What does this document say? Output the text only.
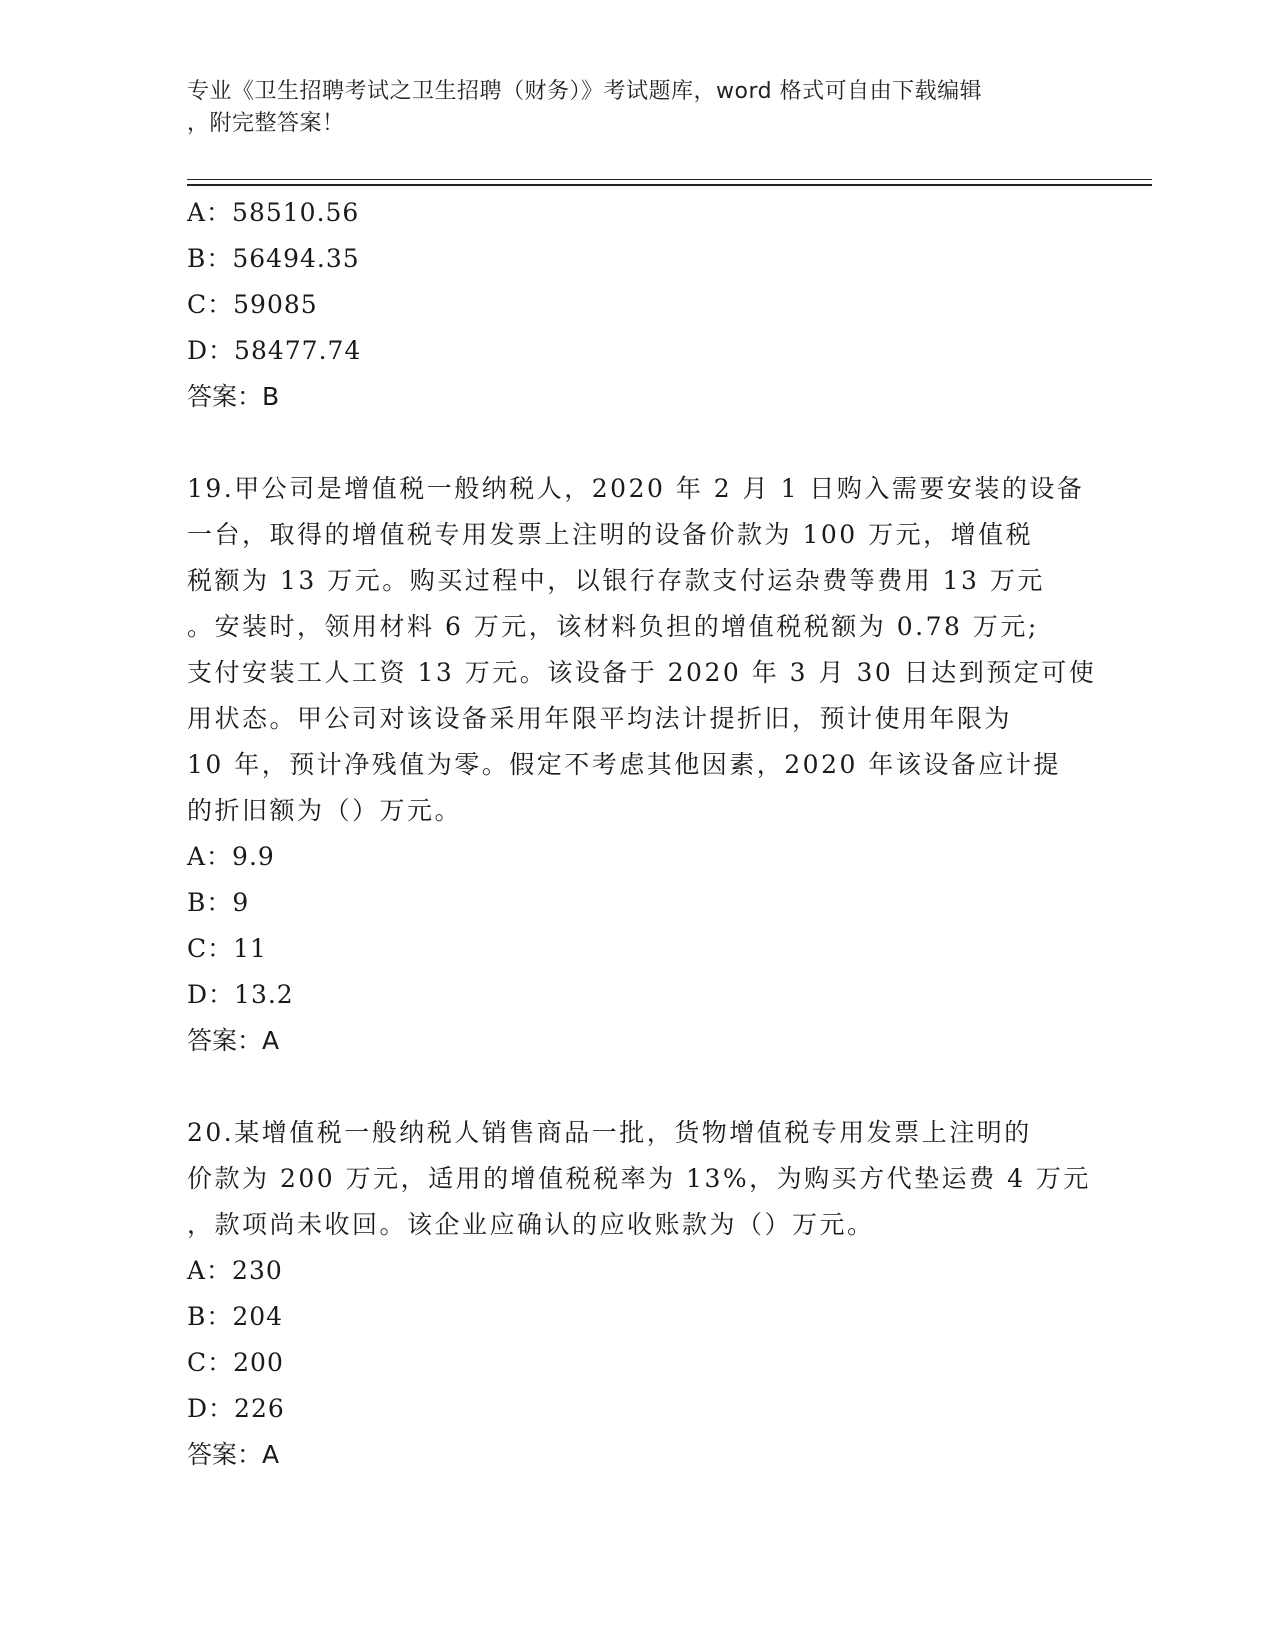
专业《卫生招聘考试之卫生招聘（财务）》考试题库，word 格式可自由下载编辑
，附完整答案！
A：58510.56
B：56494.35
C：59085
D：58477.74
答案：B
19.甲公司是增值税一般纳税人，2020 年 2 月 1 日购入需要安装的设备
一台，取得的增值税专用发票上注明的设备价款为 100 万元，增值税
税额为 13 万元。购买过程中，以银行存款支付运杂费等费用 13 万元
。安装时，领用材料 6 万元，该材料负担的增值税税额为 0.78 万元;
支付安装工人工资 13 万元。该设备于 2020 年 3 月 30 日达到预定可使
用状态。甲公司对该设备采用年限平均法计提折旧，预计使用年限为
10 年，预计净残值为零。假定不考虑其他因素，2020 年该设备应计提
的折旧额为（）万元。
A：9.9
B：9
C：11
D：13.2
答案：A
20.某增值税一般纳税人销售商品一批，货物增值税专用发票上注明的
价款为 200 万元，适用的增值税税率为 13%，为购买方代垫运费 4 万元
，款项尚未收回。该企业应确认的应收账款为（）万元。
A：230
B：204
C：200
D：226
答案：A
